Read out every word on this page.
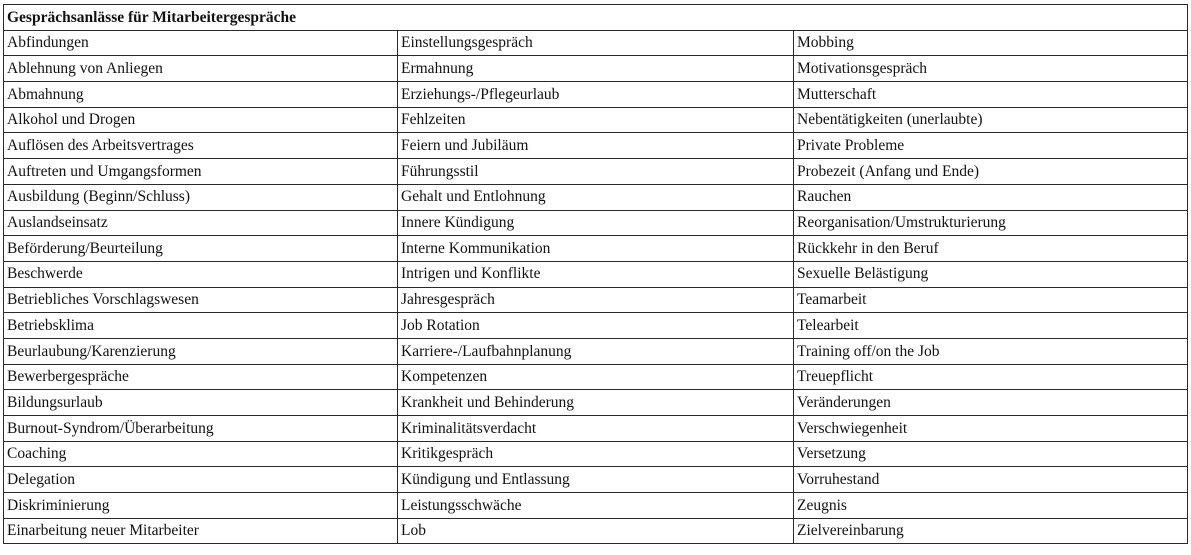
Gesprächsanlässe für Mitarbeitergespräche		
Abfindungen	Einstellungsgespräch	Mobbing
Ablehnung von Anliegen	Ermahnung	Motivationsgespräch
Abmahnung	Erziehungs-/Pflegeurlaub	Mutterschaft
Alkohol und Drogen	Fehlzeiten	Nebentätigkeiten (unerlaubte)
Auflösen des Arbeitsvertrages	Feiern und Jubiläum	Private Probleme
Auftreten und Umgangsformen	Führungsstil	Probezeit (Anfang und Ende)
Ausbildung (Beginn/Schluss)	Gehalt und Entlohnung	Rauchen
Auslandseinsatz	Innere Kündigung	Reorganisation/Umstrukturierung
Beförderung/Beurteilung	Interne Kommunikation	Rückkehr in den Beruf
Beschwerde	Intrigen und Konflikte	Sexuelle Belästigung
Betriebliches Vorschlagswesen	Jahresgespräch	Teamarbeit
Betriebsklima	Job Rotation	Telearbeit
Beurlaubung/Karenzierung	Karriere-/Laufbahnplanung	Training off/on the Job
Bewerbergespräche	Kompetenzen	Treuepflicht
Bildungsurlaub	Krankheit und Behinderung	Veränderungen
Burnout-Syndrom/Überarbeitung	Kriminalitätsverdacht	Verschwiegenheit
Coaching	Kritikgespräch	Versetzung
Delegation	Kündigung und Entlassung	Vorruhestand
Diskriminierung	Leistungsschwäche	Zeugnis
Einarbeitung neuer Mitarbeiter	Lob	Zielvereinbarung
